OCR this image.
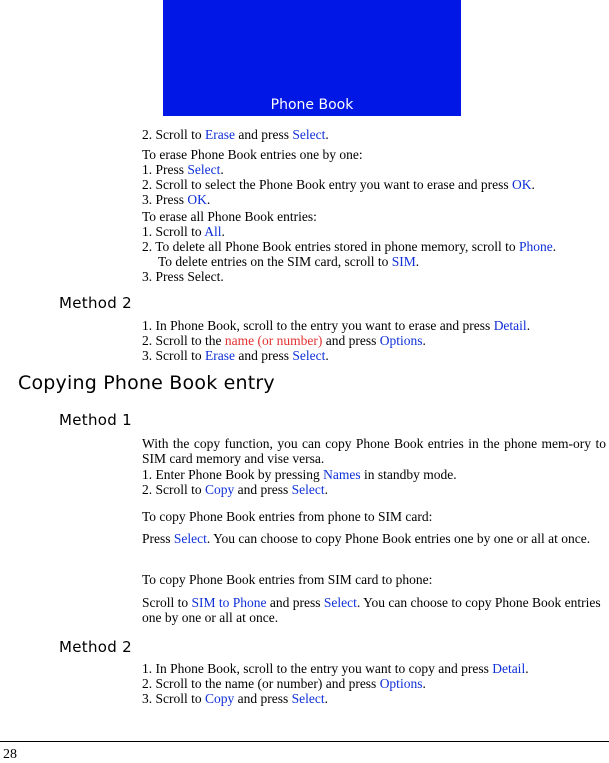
Phone Book
2. Scroll to Erase and press Select.
To erase Phone Book entries one by one:
1. Press Select.
2. Scroll to select the Phone Book entry you want to erase and press OK.
3. Press OK.
To erase all Phone Book entries:
1. Scroll to All.
2. To delete all Phone Book entries stored in phone memory, scroll to Phone.
To delete entries on the SIM card, scroll to SIM.
3. Press Select.
Method 2
1. In Phone Book, scroll to the entry you want to erase and press Detail.
2. Scroll to the name (or number) and press Options.
3. Scroll to Erase and press Select.
Copying Phone Book entry
Method 1
With the copy function, you can copy Phone Book entries in the phone mem-ory to SIM card memory and vise versa.
1. Enter Phone Book by pressing Names in standby mode.
2. Scroll to Copy and press Select.
To copy Phone Book entries from phone to SIM card:
Press Select. You can choose to copy Phone Book entries one by one or all at once.
To copy Phone Book entries from SIM card to phone:
Scroll to SIM to Phone and press Select. You can choose to copy Phone Book entries one by one or all at once.
Method 2
1. In Phone Book, scroll to the entry you want to copy and press Detail.
2. Scroll to the name (or number) and press Options.
3. Scroll to Copy and press Select.
28
